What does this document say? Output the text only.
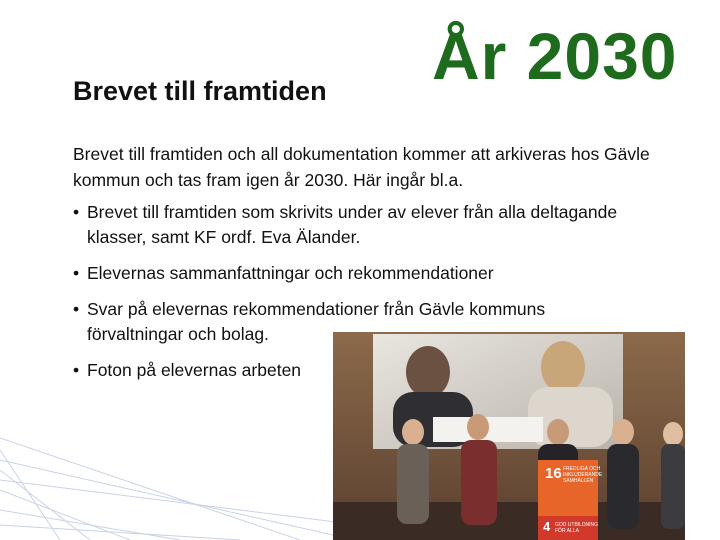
Brevet till framtiden År 2030
Brevet till framtiden och all dokumentation kommer att arkiveras hos Gävle kommun och tas fram igen år 2030. Här ingår bl.a.
• Brevet till framtiden som skrivits under av elever från alla deltagande klasser, samt KF ordf. Eva Älander.
• Elevernas sammanfattningar och rekommendationer
• Svar på elevernas rekommendationer från Gävle kommuns förvaltningar och bolag.
• Foton på elevernas arbeten
16 FREDLIGA OCH
INKLUDERANDE
SAMHÄLLEN
4 GOD UTBILDNING
FÖR ALLA
